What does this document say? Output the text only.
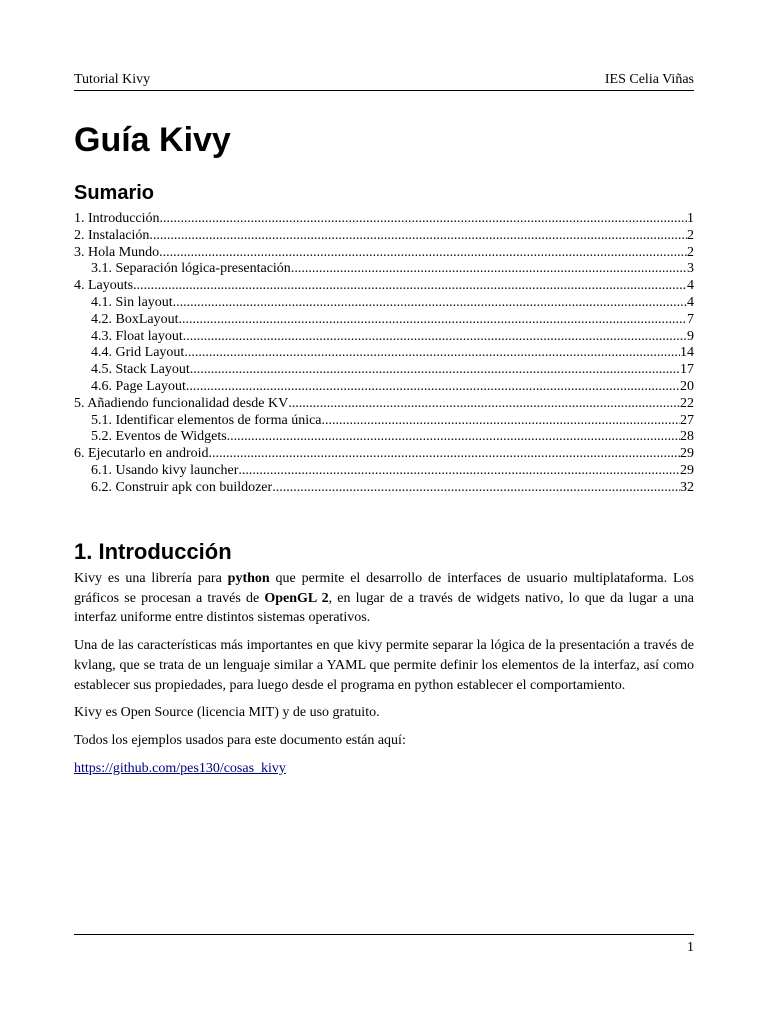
Tutorial Kivy	IES Celia Viñas
Guía Kivy
Sumario
1. Introducción .....	1
2. Instalación .....	2
3. Hola Mundo .....	2
3.1. Separación lógica-presentación .....	3
4. Layouts .....	4
4.1. Sin layout .....	4
4.2. BoxLayout .....	7
4.3. Float layout .....	9
4.4. Grid Layout .....	14
4.5. Stack Layout .....	17
4.6. Page Layout .....	20
5. Añadiendo funcionalidad desde KV .....	22
5.1. Identificar elementos de forma única .....	27
5.2. Eventos de Widgets .....	28
6. Ejecutarlo en android .....	29
6.1. Usando kivy launcher .....	29
6.2. Construir apk con buildozer .....	32
1. Introducción

Kivy es una librería para python que permite el desarrollo de interfaces de usuario multiplataforma. Los gráficos se procesan a través de OpenGL 2, en lugar de a través de widgets nativo, lo que da lugar a una interfaz uniforme entre distintos sistemas operativos.

Una de las características más importantes en que kivy permite separar la lógica de la presentación a través de kvlang, que se trata de un lenguaje similar a YAML que permite definir los elementos de la interfaz, así como establecer sus propiedades, para luego desde el programa en python establecer el comportamiento.

Kivy es Open Source (licencia MIT) y de uso gratuito.

Todos los ejemplos usados para este documento están aquí:

https://github.com/pes130/cosas_kivy

1
